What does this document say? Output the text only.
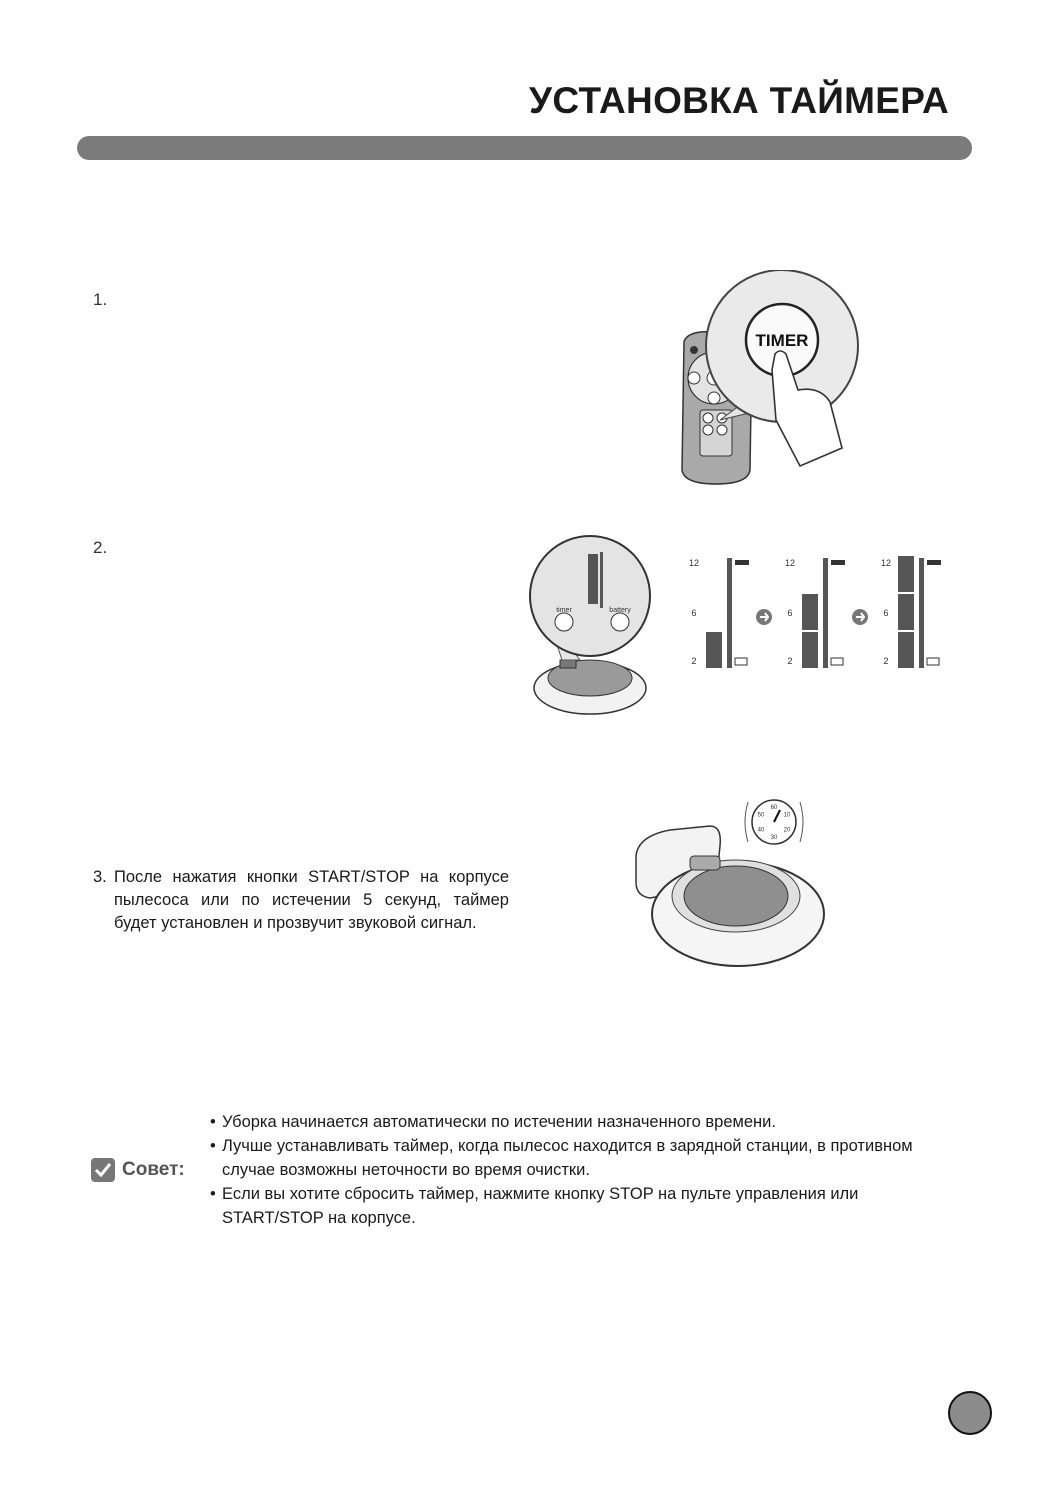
УСТАНОВКА ТАЙМЕРА
1.
TIMER
2.
timer	battery
12
6
2
12
6
2
12
6
2
60
10
20
30
40
50
3. После нажатия кнопки START/STOP на корпусе пылесоса или по истечении 5 секунд, таймер будет установлен и прозвучит звуковой сигнал.
Совет:
• Уборка начинается автоматически по истечении назначенного времени.
• Лучше устанавливать таймер, когда пылесос находится в зарядной станции, в противном случае возможны неточности во время очистки.
• Если вы хотите сбросить таймер, нажмите кнопку STOP на пульте управления или START/STOP на корпусе.
